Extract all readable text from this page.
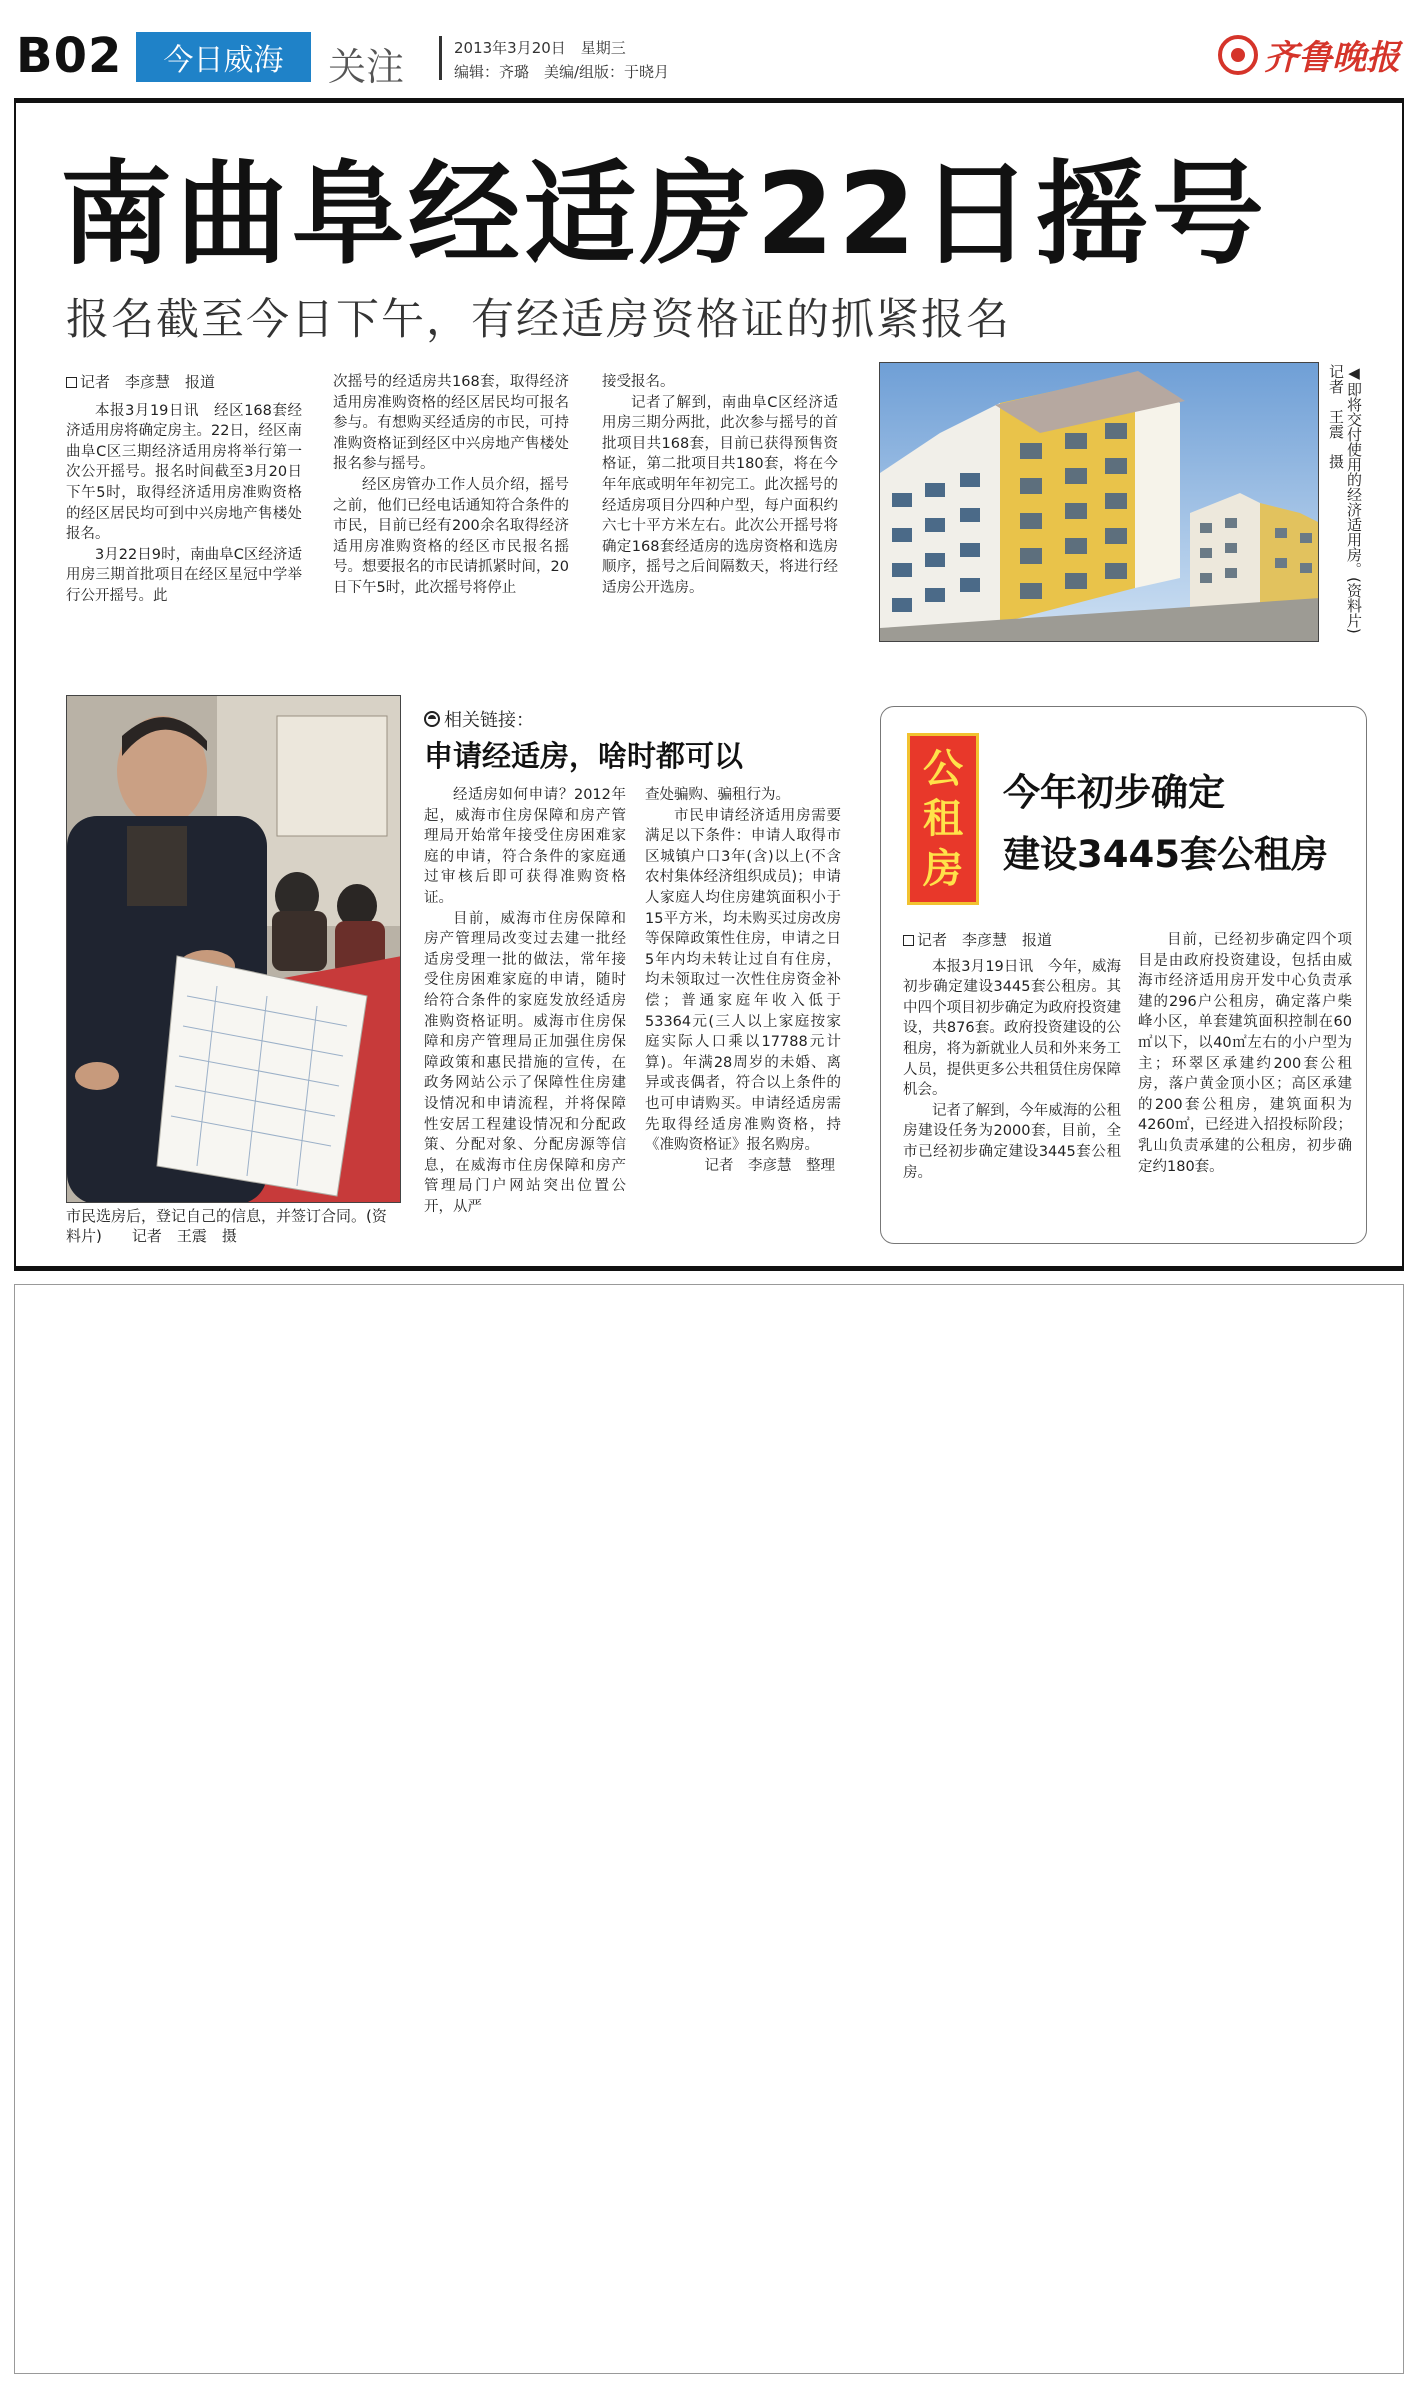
B02	今日威海	关注	2013年3月20日　星期三
编辑：齐璐　美编/组版：于晓月	齐鲁晚报
南曲阜经适房22日摇号
报名截至今日下午，有经适房资格证的抓紧报名

记者　李彦慧　报道

本报3月19日讯　经区168套经济适用房将确定房主。22日，经区南曲阜C区三期经济适用房将举行第一次公开摇号。报名时间截至3月20日下午5时，取得经济适用房准购资格的经区居民均可到中兴房地产售楼处报名。

3月22日9时，南曲阜C区经济适用房三期首批项目在经区星冠中学举行公开摇号。此

次摇号的经适房共168套，取得经济适用房准购资格的经区居民均可报名参与。有想购买经适房的市民，可持准购资格证到经区中兴房地产售楼处报名参与摇号。

经区房管办工作人员介绍，摇号之前，他们已经电话通知符合条件的市民，目前已经有200余名取得经济适用房准购资格的经区市民报名摇号。想要报名的市民请抓紧时间，20日下午5时，此次摇号将停止

接受报名。

记者了解到，南曲阜C区经济适用房三期分两批，此次参与摇号的首批项目共168套，目前已获得预售资格证，第二批项目共180套，将在今年年底或明年年初完工。此次摇号的经适房项目分四种户型，每户面积约六七十平方米左右。此次公开摇号将确定168套经适房的选房资格和选房顺序，摇号之后间隔数天，将进行经适房公开选房。	◀即将交付使用的经济适用房。(资料片)　记者　王震　摄
市民选房后，登记自己的信息，并签订合同。(资料片)　　记者　王震　摄
相关链接：
申请经适房，啥时都可以

经适房如何申请？2012年起，威海市住房保障和房产管理局开始常年接受住房困难家庭的申请，符合条件的家庭通过审核后即可获得准购资格证。

目前，威海市住房保障和房产管理局改变过去建一批经适房受理一批的做法，常年接受住房困难家庭的申请，随时给符合条件的家庭发放经适房准购资格证明。威海市住房保障和房产管理局正加强住房保障政策和惠民措施的宣传，在政务网站公示了保障性住房建设情况和申请流程，并将保障性安居工程建设情况和分配政策、分配对象、分配房源等信息，在威海市住房保障和房产管理局门户网站突出位置公开，从严

查处骗购、骗租行为。

市民申请经济适用房需要满足以下条件：申请人取得市区城镇户口3年(含)以上(不含农村集体经济组织成员)；申请人家庭人均住房建筑面积小于15平方米，均未购买过房改房等保障政策性住房，申请之日5年内均未转让过自有住房，均未领取过一次性住房资金补偿；普通家庭年收入低于53364元(三人以上家庭按家庭实际人口乘以17788元计算)。年满28周岁的未婚、离异或丧偶者，符合以上条件的也可申请购买。申请经适房需先取得经适房准购资格，持《准购资格证》报名购房。

记者　李彦慧　整理

公租房
今年初步确定
建设3445套公租房

记者　李彦慧　报道

本报3月19日讯　今年，威海初步确定建设3445套公租房。其中四个项目初步确定为政府投资建设，共876套。政府投资建设的公租房，将为新就业人员和外来务工人员，提供更多公共租赁住房保障机会。

记者了解到，今年威海的公租房建设任务为2000套，目前，全市已经初步确定建设3445套公租房。

目前，已经初步确定四个项目是由政府投资建设，包括由威海市经济适用房开发中心负责承建的296户公租房，确定落户柴峰小区，单套建筑面积控制在60㎡以下，以40㎡左右的小户型为主；环翠区承建约200套公租房，落户黄金顶小区；高区承建的200套公租房，建筑面积为4260㎡，已经进入招投标阶段；乳山负责承建的公租房，初步确定约180套。
